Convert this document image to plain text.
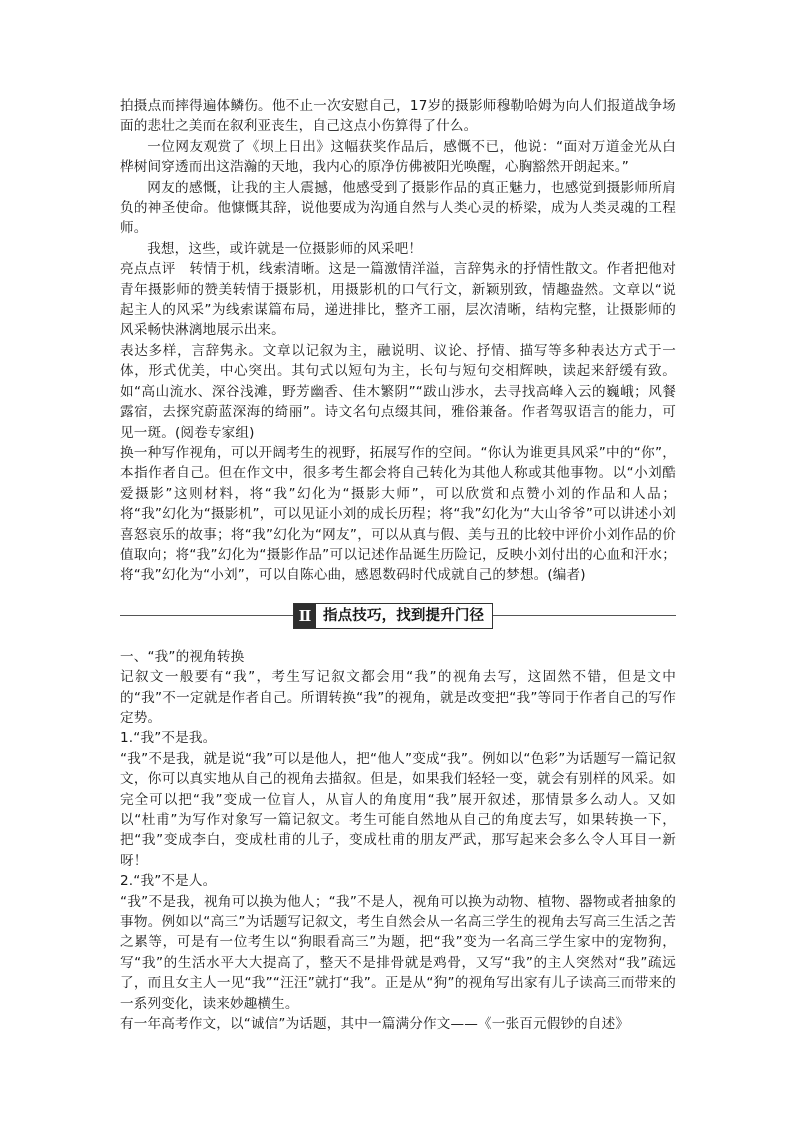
拍摄点而摔得遍体鳞伤。他不止一次安慰自己，17岁的摄影师穆勒哈姆为向人们报道战争场面的悲壮之美而在叙利亚丧生，自己这点小伤算得了什么。

一位网友观赏了《坝上日出》这幅获奖作品后，感慨不已，他说：“面对万道金光从白桦树间穿透而出这浩瀚的天地，我内心的原净仿佛被阳光唤醒，心胸豁然开朗起来。”

网友的感慨，让我的主人震撼，他感受到了摄影作品的真正魅力，也感觉到摄影师所肩负的神圣使命。他慷慨其辞，说他要成为沟通自然与人类心灵的桥梁，成为人类灵魂的工程师。

我想，这些，或许就是一位摄影师的风采吧！

亮点点评　转情于机，线索清晰。这是一篇激情洋溢，言辞隽永的抒情性散文。作者把他对青年摄影师的赞美转情于摄影机，用摄影机的口气行文，新颖别致，情趣盎然。文章以“说起主人的风采”为线索谋篇布局，递进排比，整齐工丽，层次清晰，结构完整，让摄影师的风采畅快淋漓地展示出来。

表达多样，言辞隽永。文章以记叙为主，融说明、议论、抒情、描写等多种表达方式于一体，形式优美，中心突出。其句式以短句为主，长句与短句交相辉映，读起来舒缓有致。如“高山流水、深谷浅滩，野芳幽香、佳木繁阴”“跋山涉水，去寻找高峰入云的巍峨；风餐露宿，去探究蔚蓝深海的绮丽”。诗文名句点缀其间，雅俗兼备。作者驾驭语言的能力，可见一斑。(阅卷专家组)

换一种写作视角，可以开阔考生的视野，拓展写作的空间。“你认为谁更具风采”中的“你”，本指作者自己。但在作文中，很多考生都会将自己转化为其他人称或其他事物。以“小刘酷爱摄影”这则材料，将“我”幻化为“摄影大师”，可以欣赏和点赞小刘的作品和人品；将“我”幻化为“摄影机”，可以见证小刘的成长历程；将“我”幻化为“大山爷爷”可以讲述小刘喜怒哀乐的故事；将“我”幻化为“网友”，可以从真与假、美与丑的比较中评价小刘作品的价值取向；将“我”幻化为“摄影作品”可以记述作品诞生历险记，反映小刘付出的心血和汗水；将“我”幻化为“小刘”，可以自陈心曲，感恩数码时代成就自己的梦想。(编者)

Ⅱ 指点技巧，找到提升门径

一、“我”的视角转换

记叙文一般要有“我”，考生写记叙文都会用“我”的视角去写，这固然不错，但是文中的“我”不一定就是作者自己。所谓转换“我”的视角，就是改变把“我”等同于作者自己的写作定势。

1.“我”不是我。

“我”不是我，就是说“我”可以是他人，把“他人”变成“我”。例如以“色彩”为话题写一篇记叙文，你可以真实地从自己的视角去描叙。但是，如果我们轻轻一变，就会有别样的风采。如完全可以把“我”变成一位盲人，从盲人的角度用“我”展开叙述，那情景多么动人。又如以“杜甫”为写作对象写一篇记叙文。考生可能自然地从自己的角度去写，如果转换一下，把“我”变成李白，变成杜甫的儿子，变成杜甫的朋友严武，那写起来会多么令人耳目一新呀！

2.“我”不是人。

“我”不是我，视角可以换为他人；“我”不是人，视角可以换为动物、植物、器物或者抽象的事物。例如以“高三”为话题写记叙文，考生自然会从一名高三学生的视角去写高三生活之苦之累等，可是有一位考生以“狗眼看高三”为题，把“我”变为一名高三学生家中的宠物狗，写“我”的生活水平大大提高了，整天不是排骨就是鸡骨，又写“我”的主人突然对“我”疏远了，而且女主人一见“我”“汪汪”就打“我”。正是从“狗”的视角写出家有儿子读高三而带来的一系列变化，读来妙趣横生。

有一年高考作文，以“诚信”为话题，其中一篇满分作文——《一张百元假钞的自述》
